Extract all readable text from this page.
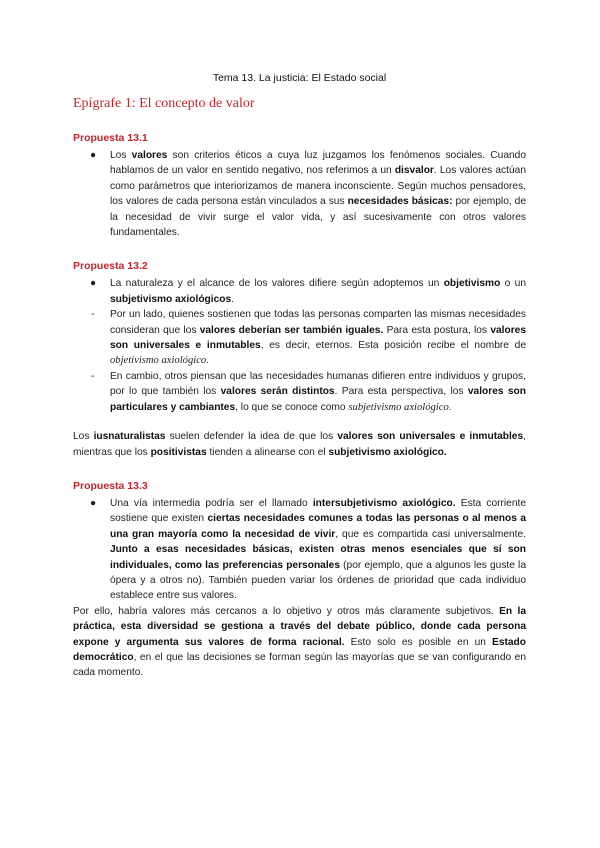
Tema 13. La justicia: El Estado social
Epígrafe 1: El concepto de valor
Propuesta 13.1
●	Los valores son criterios éticos a cuya luz juzgamos los fenómenos sociales. Cuando hablamos de un valor en sentido negativo, nos referimos a un disvalor. Los valores actúan como parámetros que interiorizamos de manera inconsciente. Según muchos pensadores, los valores de cada persona están vinculados a sus necesidades básicas: por ejemplo, de la necesidad de vivir surge el valor vida, y así sucesivamente con otros valores fundamentales.
Propuesta 13.2
●	La naturaleza y el alcance de los valores difiere según adoptemos un objetivismo o un subjetivismo axiológicos.
-	Por un lado, quienes sostienen que todas las personas comparten las mismas necesidades consideran que los valores deberían ser también iguales. Para esta postura, los valores son universales e inmutables, es decir, eternos. Esta posición recibe el nombre de objetivismo axiológico.
-	En cambio, otros piensan que las necesidades humanas difieren entre individuos y grupos, por lo que también los valores serán distintos. Para esta perspectiva, los valores son particulares y cambiantes, lo que se conoce como subjetivismo axiológico.

Los iusnaturalistas suelen defender la idea de que los valores son universales e inmutables, mientras que los positivistas tienden a alinearse con el subjetivismo axiológico.

Propuesta 13.3
●	Una vía intermedia podría ser el llamado intersubjetivismo axiológico. Esta corriente sostiene que existen ciertas necesidades comunes a todas las personas o al menos a una gran mayoría como la necesidad de vivir, que es compartida casi universalmente. Junto a esas necesidades básicas, existen otras menos esenciales que sí son individuales, como las preferencias personales (por ejemplo, que a algunos les guste la ópera y a otros no). También pueden variar los órdenes de prioridad que cada individuo establece entre sus valores.

Por ello, habría valores más cercanos a lo objetivo y otros más claramente subjetivos. En la práctica, esta diversidad se gestiona a través del debate público, donde cada persona expone y argumenta sus valores de forma racional. Esto solo es posible en un Estado democrático, en el que las decisiones se forman según las mayorías que se van configurando en cada momento.
